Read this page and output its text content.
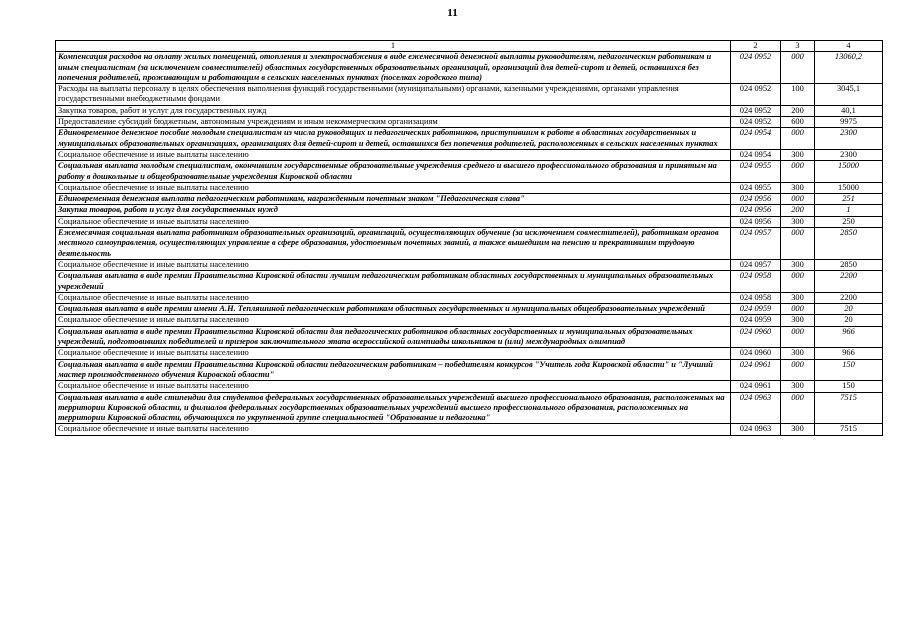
11
1	2	3	4
Компенсация расходов на оплату жилых помещений, отопления и электроснабжения в виде ежемесячной денежной выплаты руководителям, педагогическим работникам и иным специалистам (за исключением совместителей) областных государственных образовательных организаций, организаций для детей-сирот и детей, оставшихся без попечения родителей, проживающим и работающим в сельских населенных пунктах (поселках городского типа)	024 0952	000	13060,2
Расходы на выплаты персоналу в целях обеспечения выполнения функций государственными (муниципальными) органами, казенными учреждениями, органами управления государственными внебюджетными фондами	024 0952	100	3045,1
Закупка товаров, работ и услуг для государственных нужд	024 0952	200	40,1
Предоставление субсидий бюджетным, автономным учреждениям и иным некоммерческим организациям	024 0952	600	9975
Единовременное денежное пособие молодым специалистам из числа руководящих и педагогических работников, приступившим к работе в областных государственных и муниципальных образовательных организациях, организациях для детей-сирот и детей, оставшихся без попечения родителей, расположенных в сельских населенных пунктах	024 0954	000	2300
Социальное обеспечение и иные выплаты населению	024 0954	300	2300
Социальная выплата молодым специалистам, окончившим государственные образовательные учреждения среднего и высшего профессионального образования и принятым на работу в дошкольные и общеобразовательные учреждения Кировской области	024 0955	000	15000
Социальное обеспечение и иные выплаты населению	024 0955	300	15000
Единовременная денежная выплата педагогическим работникам, награжденным почетным знаком "Педагогическая слава"	024 0956	000	251
Закупка товаров, работ и услуг для государственных нужд	024 0956	200	1
Социальное обеспечение и иные выплаты населению	024 0956	300	250
Ежемесячная социальная выплата работникам образовательных организаций, организаций, осуществляющих обучение (за исключением совместителей), работникам органов местного самоуправления, осуществляющих управление в сфере образования, удостоенным почетных званий, а также вышедшим на пенсию и прекратившим трудовую деятельность	024 0957	000	2850
Социальное обеспечение и иные выплаты населению	024 0957	300	2850
Социальная выплата в виде премии Правительства Кировской области лучшим педагогическим работникам областных государственных и муниципальных образовательных учреждений	024 0958	000	2200
Социальное обеспечение и иные выплаты населению	024 0958	300	2200
Социальная выплата в виде премии имени А.Н. Тепляшиной педагогическим работникам областных государственных и муниципальных общеобразовательных учреждений	024 0959	000	20
Социальное обеспечение и иные выплаты населению	024 0959	300	20
Социальная выплата в виде премии Правительства Кировской области для педагогических работников областных государственных и муниципальных образовательных учреждений, подготовивших победителей и призеров заключительного этапа всероссийской олимпиады школьников и (или) международных олимпиад	024 0960	000	966
Социальное обеспечение и иные выплаты населению	024 0960	300	966
Социальная выплата в виде премии Правительства Кировской области педагогическим работникам – победителям конкурсов "Учитель года Кировской области" и "Лучший мастер производственного обучения Кировской области"	024 0961	000	150
Социальное обеспечение и иные выплаты населению	024 0961	300	150
Социальная выплата в виде стипендии для студентов федеральных государственных образовательных учреждений высшего профессионального образования, расположенных на территории Кировской области, и филиалов федеральных государственных образовательных учреждений высшего профессионального образования, расположенных на территории Кировской области, обучающихся по укрупненной группе специальностей "Образование и педагогика"	024 0963	000	7515
Социальное обеспечение и иные выплаты населению	024 0963	300	7515
